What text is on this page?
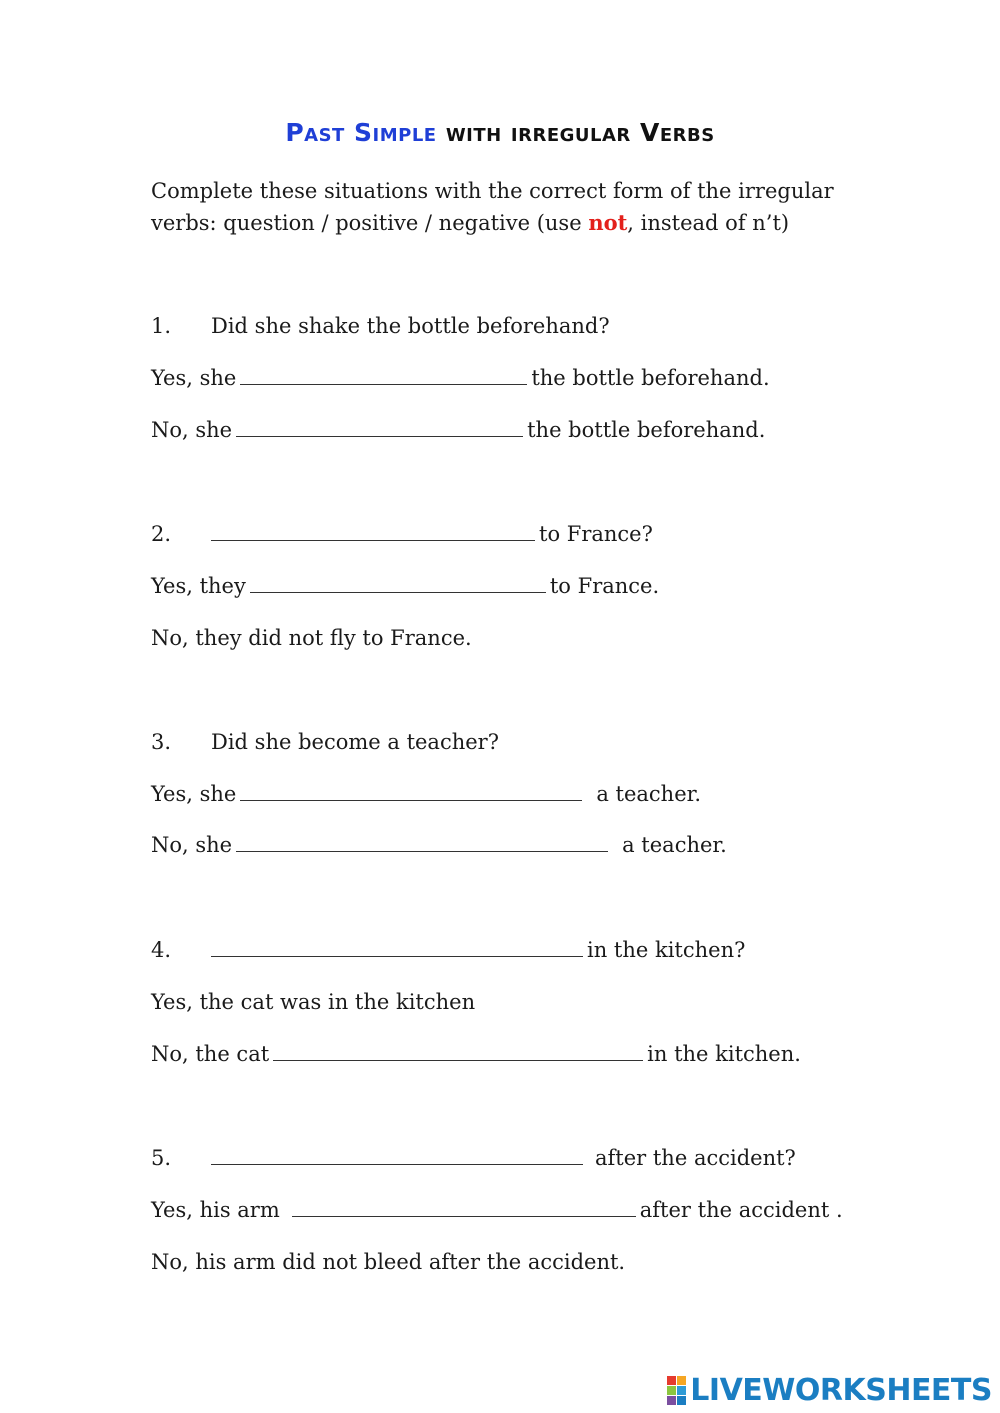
Past Simple with irregular Verbs
Complete these situations with the correct form of the irregular verbs: question / positive / negative (use not, instead of n’t)
1. Did she shake the bottle beforehand?
Yes, she	the bottle beforehand.
No, she	the bottle beforehand.
2.	to France?
Yes, they	to France.
No, they did not fly to France.
3. Did she become a teacher?
Yes, she	a teacher.
No, she	a teacher.
4.	in the kitchen?
Yes, the cat was in the kitchen
No, the cat	in the kitchen.
5.	after the accident?
Yes, his arm	after the accident .
No, his arm did not bleed after the accident.
LIVEWORKSHEETS
